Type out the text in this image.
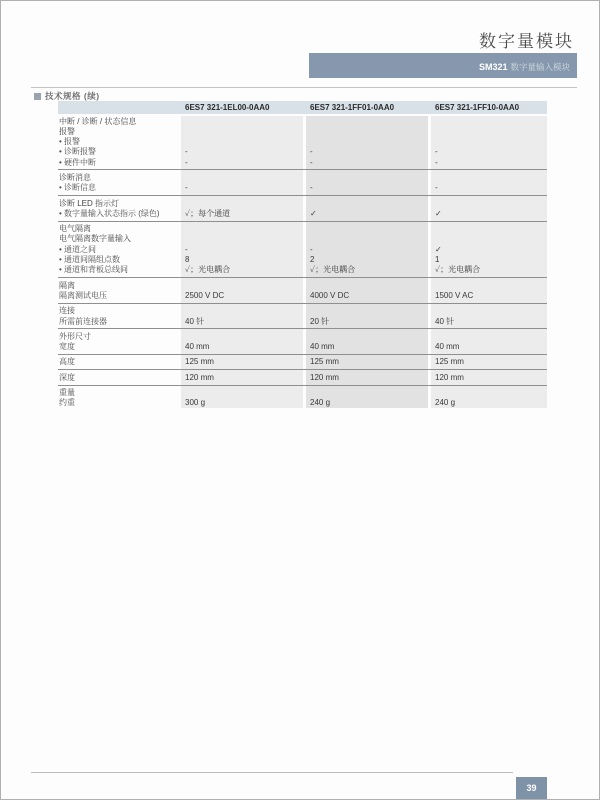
数字量模块
SM321 数字量输入模块
技术规格 (续)
6ES7 321-1EL00-0AA0	6ES7 321-1FF01-0AA0	6ES7 321-1FF10-0AA0
中断 / 诊断 / 状态信息
报警
• 报警
• 诊断报警	-	-	-
• 硬件中断	-	-	-
诊断消息
• 诊断信息	-	-	-
诊断 LED 指示灯
• 数字量输入状态指示 (绿色)	✓；每个通道	✓	✓
电气隔离
电气隔离数字量输入
• 通道之间	-	-	✓
• 通道间隔组点数	8	2	1
• 通道和背板总线间	✓；光电耦合	✓；光电耦合	✓；光电耦合
隔离
隔离测试电压	2500 V DC	4000 V DC	1500 V AC
连接
所需前连接器	40 针	20 针	40 针
外形尺寸
宽度	40 mm	40 mm	40 mm
高度	125 mm	125 mm	125 mm
深度	120 mm	120 mm	120 mm
重量
约重	300 g	240 g	240 g
39
